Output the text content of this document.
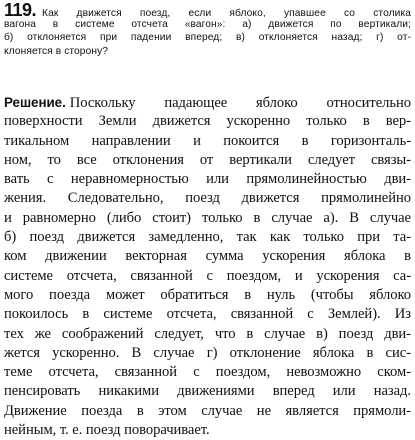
119. Как движется поезд, если яблоко, упавшее со столика
вагона в системе отсчета «вагон»: а) движется по вертикали;
б) отклоняется при падении вперед; в) отклоняется назад; г) от-
клоняется в сторону?
Решение. Поскольку падающее яблоко относительно
поверхности Земли движется ускоренно только в вер-
тикальном направлении и покоится в горизонталь-
ном, то все отклонения от вертикали следует связы-
вать с неравномерностью или прямолинейностью дви-
жения. Следовательно, поезд движется прямолинейно
и равномерно (либо стоит) только в случае а). В случае
б) поезд движется замедленно, так как только при та-
ком движении векторная сумма ускорения яблока в
системе отсчета, связанной с поездом, и ускорения са-
мого поезда может обратиться в нуль (чтобы яблоко
покоилось в системе отсчета, связанной с Землей). Из
тех же соображений следует, что в случае в) поезд дви-
жется ускоренно. В случае г) отклонение яблока в сис-
теме отсчета, связанной с поездом, невозможно ском-
пенсировать никакими движениями вперед или назад.
Движение поезда в этом случае не является прямоли-
нейным, т. е. поезд поворачивает.
